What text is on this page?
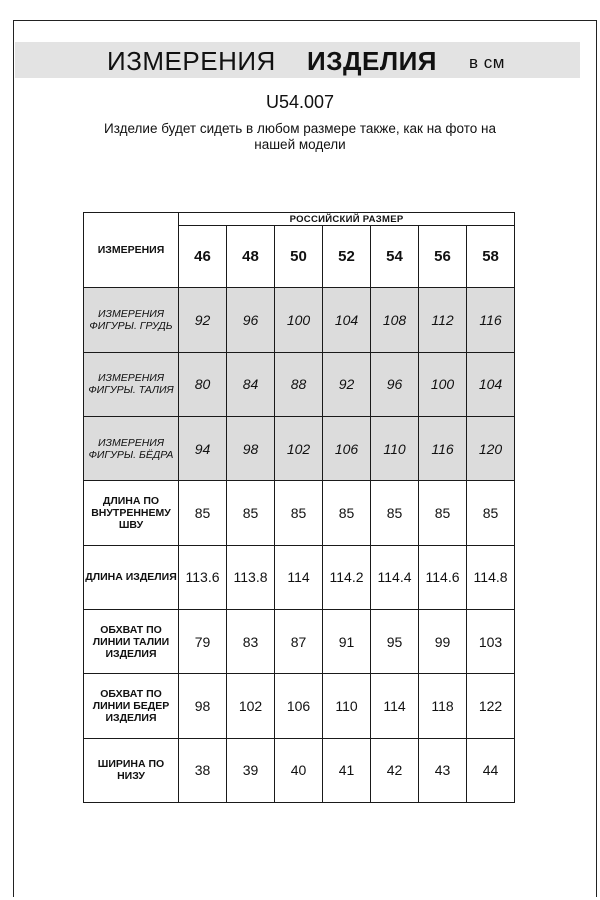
ИЗМЕРЕНИЯ ИЗДЕЛИЯ в см
U54.007
Изделие будет сидеть в любом размере также, как на фото на
нашей модели
ИЗМЕРЕНИЯ	РОССИЙСКИЙ РАЗМЕР						
	46	48	50	52	54	56	58

ИЗМЕРЕНИЯ
ФИГУРЫ. ГРУДЬ	92	96	100	104	108	112	116

ИЗМЕРЕНИЯ
ФИГУРЫ. ТАЛИЯ	80	84	88	92	96	100	104

ИЗМЕРЕНИЯ
ФИГУРЫ. БЁДРА	94	98	102	106	110	116	120

ДЛИНА ПО
ВНУТРЕННЕМУ
ШВУ	85	85	85	85	85	85	85

ДЛИНА ИЗДЕЛИЯ	113.6	113.8	114	114.2	114.4	114.6	114.8

ОБХВАТ ПО
ЛИНИИ ТАЛИИ
ИЗДЕЛИЯ	79	83	87	91	95	99	103

ОБХВАТ ПО
ЛИНИИ БЕДЕР
ИЗДЕЛИЯ	98	102	106	110	114	118	122

ШИРИНА ПО
НИЗУ	38	39	40	41	42	43	44
